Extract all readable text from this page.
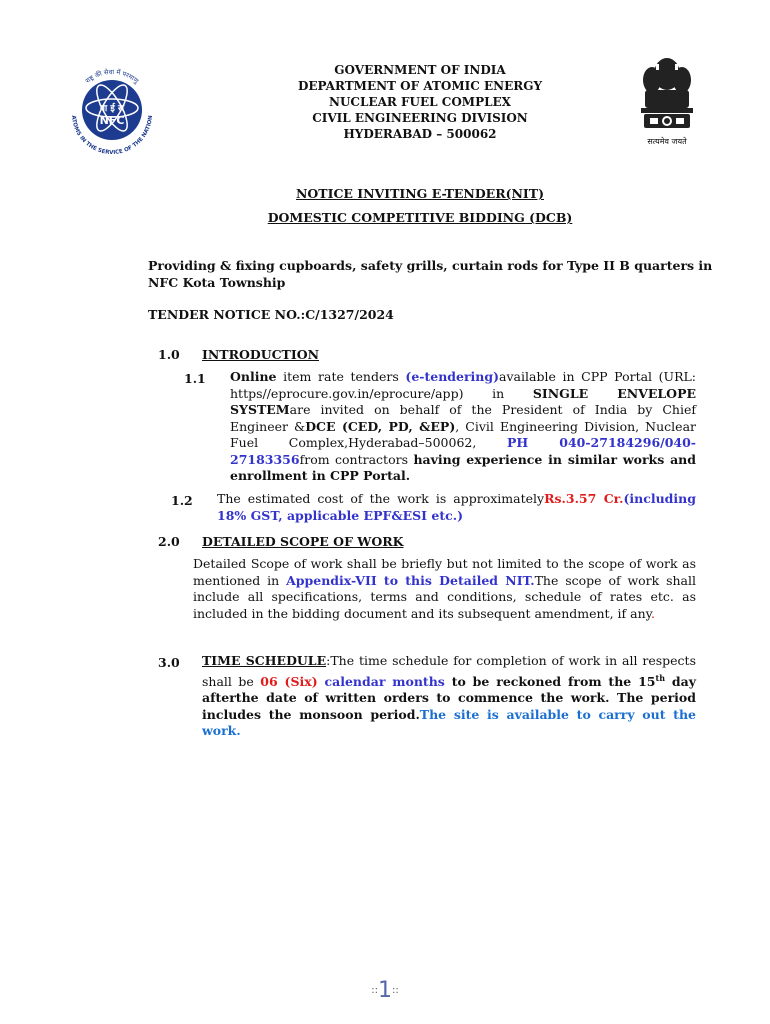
राष्ट्र की सेवा में परमाणु
ATOMS IN THE SERVICE OF THE NATION
ना ई स
NFC
सत्यमेव जयते
GOVERNMENT OF INDIA
DEPARTMENT OF ATOMIC ENERGY
NUCLEAR FUEL COMPLEX
CIVIL ENGINEERING DIVISION
HYDERABAD – 500062
NOTICE INVITING E-TENDER(NIT)
DOMESTIC COMPETITIVE BIDDING (DCB)
Providing & fixing cupboards, safety grills, curtain rods for Type II B quarters in
NFC Kota Township
TENDER NOTICE NO.:C/1327/2024
1.0 INTRODUCTION
1.1 Online item rate tenders (e-tendering)available in CPP Portal (URL: https//eprocure.gov.in/eprocure/app) in SINGLE ENVELOPE SYSTEMare invited on behalf of the President of India by Chief Engineer &DCE (CED, PD, &EP), Civil Engineering Division, Nuclear Fuel Complex,Hyderabad–500062, PH 040-27184296/040-27183356from contractors having experience in similar works and enrollment in CPP Portal.
1.2 The estimated cost of the work is approximatelyRs.3.57 Cr.(including 18% GST, applicable EPF&ESI etc.)
2.0 DETAILED SCOPE OF WORK
Detailed Scope of work shall be briefly but not limited to the scope of work as mentioned in Appendix-VII to this Detailed NIT.The scope of work shall include all specifications, terms and conditions, schedule of rates etc. as included in the bidding document and its subsequent amendment, if any.
3.0 TIME SCHEDULE:The time schedule for completion of work in all respects shall be 06 (Six) calendar months to be reckoned from the 15th day afterthe date of written orders to commence the work. The period includes the monsoon period.The site is available to carry out the work.
::1::
